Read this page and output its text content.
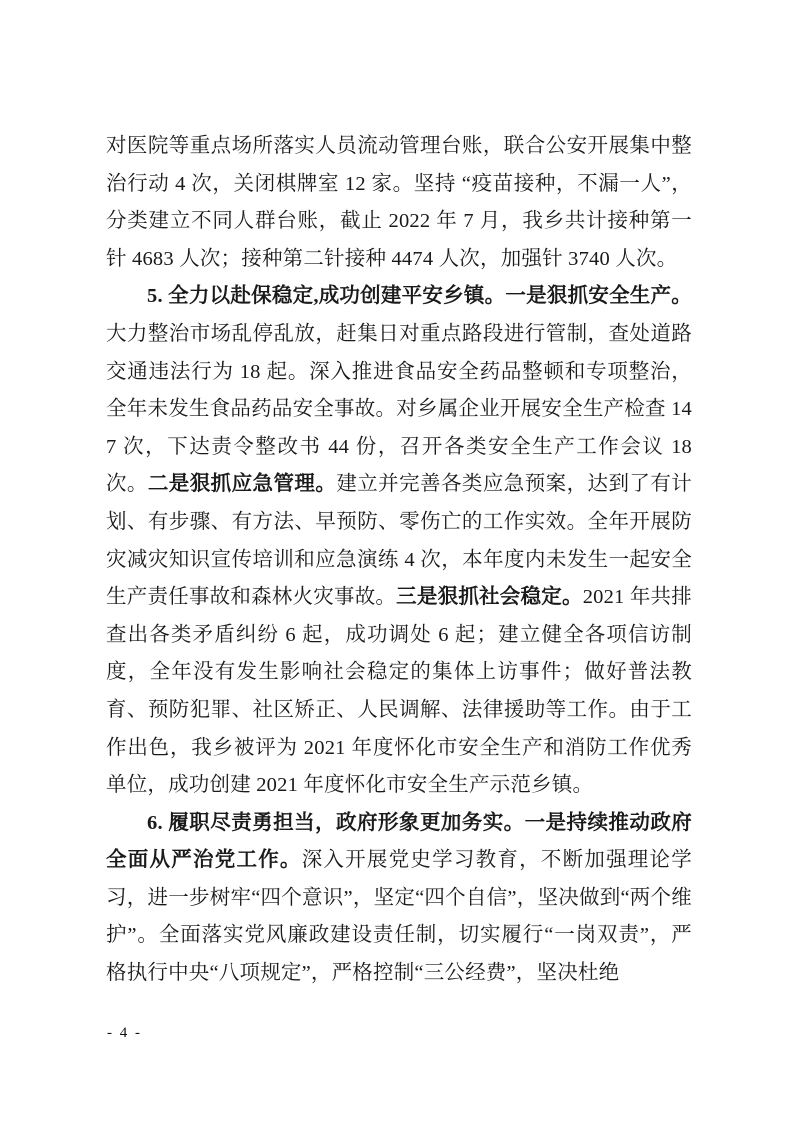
对医院等重点场所落实人员流动管理台账，联合公安开展集中整治行动 4 次，关闭棋牌室 12 家。坚持 “疫苗接种，不漏一人”，分类建立不同人群台账，截止 2022 年 7 月，我乡共计接种第一针 4683 人次；接种第二针接种 4474 人次，加强针 3740 人次。

5. 全力以赴保稳定,成功创建平安乡镇。一是狠抓安全生产。大力整治市场乱停乱放，赶集日对重点路段进行管制，查处道路交通违法行为 18 起。深入推进食品安全药品整顿和专项整治，全年未发生食品药品安全事故。对乡属企业开展安全生产检查 147 次，下达责令整改书 44 份，召开各类安全生产工作会议 18 次。二是狠抓应急管理。建立并完善各类应急预案，达到了有计划、有步骤、有方法、早预防、零伤亡的工作实效。全年开展防灾减灾知识宣传培训和应急演练 4 次，本年度内未发生一起安全生产责任事故和森林火灾事故。三是狠抓社会稳定。2021 年共排查出各类矛盾纠纷 6 起，成功调处 6 起；建立健全各项信访制度，全年没有发生影响社会稳定的集体上访事件；做好普法教育、预防犯罪、社区矫正、人民调解、法律援助等工作。由于工作出色，我乡被评为 2021 年度怀化市安全生产和消防工作优秀单位，成功创建 2021 年度怀化市安全生产示范乡镇。

6. 履职尽责勇担当，政府形象更加务实。一是持续推动政府全面从严治党工作。深入开展党史学习教育，不断加强理论学习，进一步树牢“四个意识”，坚定“四个自信”，坚决做到“两个维护”。全面落实党风廉政建设责任制，切实履行“一岗双责”，严格执行中央“八项规定”，严格控制“三公经费”，坚决杜绝

- 4 -
